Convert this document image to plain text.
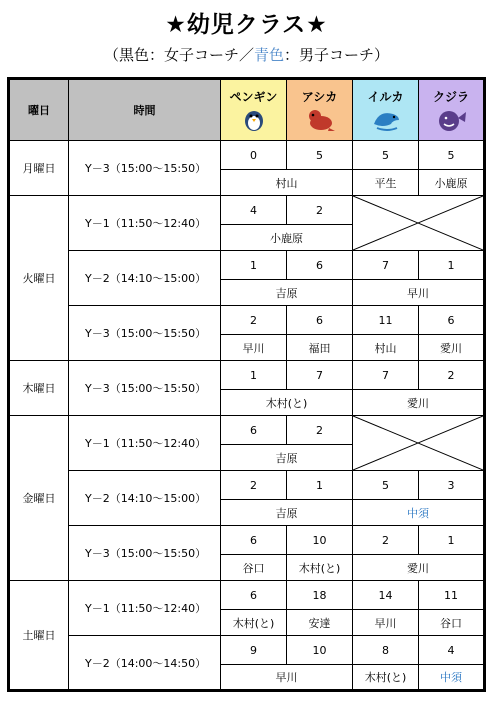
★幼児クラス★
（黒色：女子コーチ／青色：男子コーチ）
曜日	時間	ペンギン	アシカ	イルカ	クジラ

月曜日	Y－3（15:00～15:50）	0	5	5	5
		村山		平生	小鹿原
火曜日	Y－1（11:50～12:40）	4	2	

		小鹿原			
	Y－2（14:10～15:00）	1	6	7	1
		吉原		早川	
	Y－3（15:00～15:50）	2	6	11	6
		早川	福田	村山	愛川
木曜日	Y－3（15:00～15:50）	1	7	7	2
		木村(と)		愛川	
金曜日	Y－1（11:50～12:40）	6	2	

		吉原			
	Y－2（14:10～15:00）	2	1	5	3
		吉原		中須	
	Y－3（15:00～15:50）	6	10	2	1
		谷口	木村(と)	愛川	
土曜日	Y－1（11:50～12:40）	6	18	14	11
		木村(と)	安達	早川	谷口
	Y－2（14:00～14:50）	9	10	8	4
		早川		木村(と)	中須
